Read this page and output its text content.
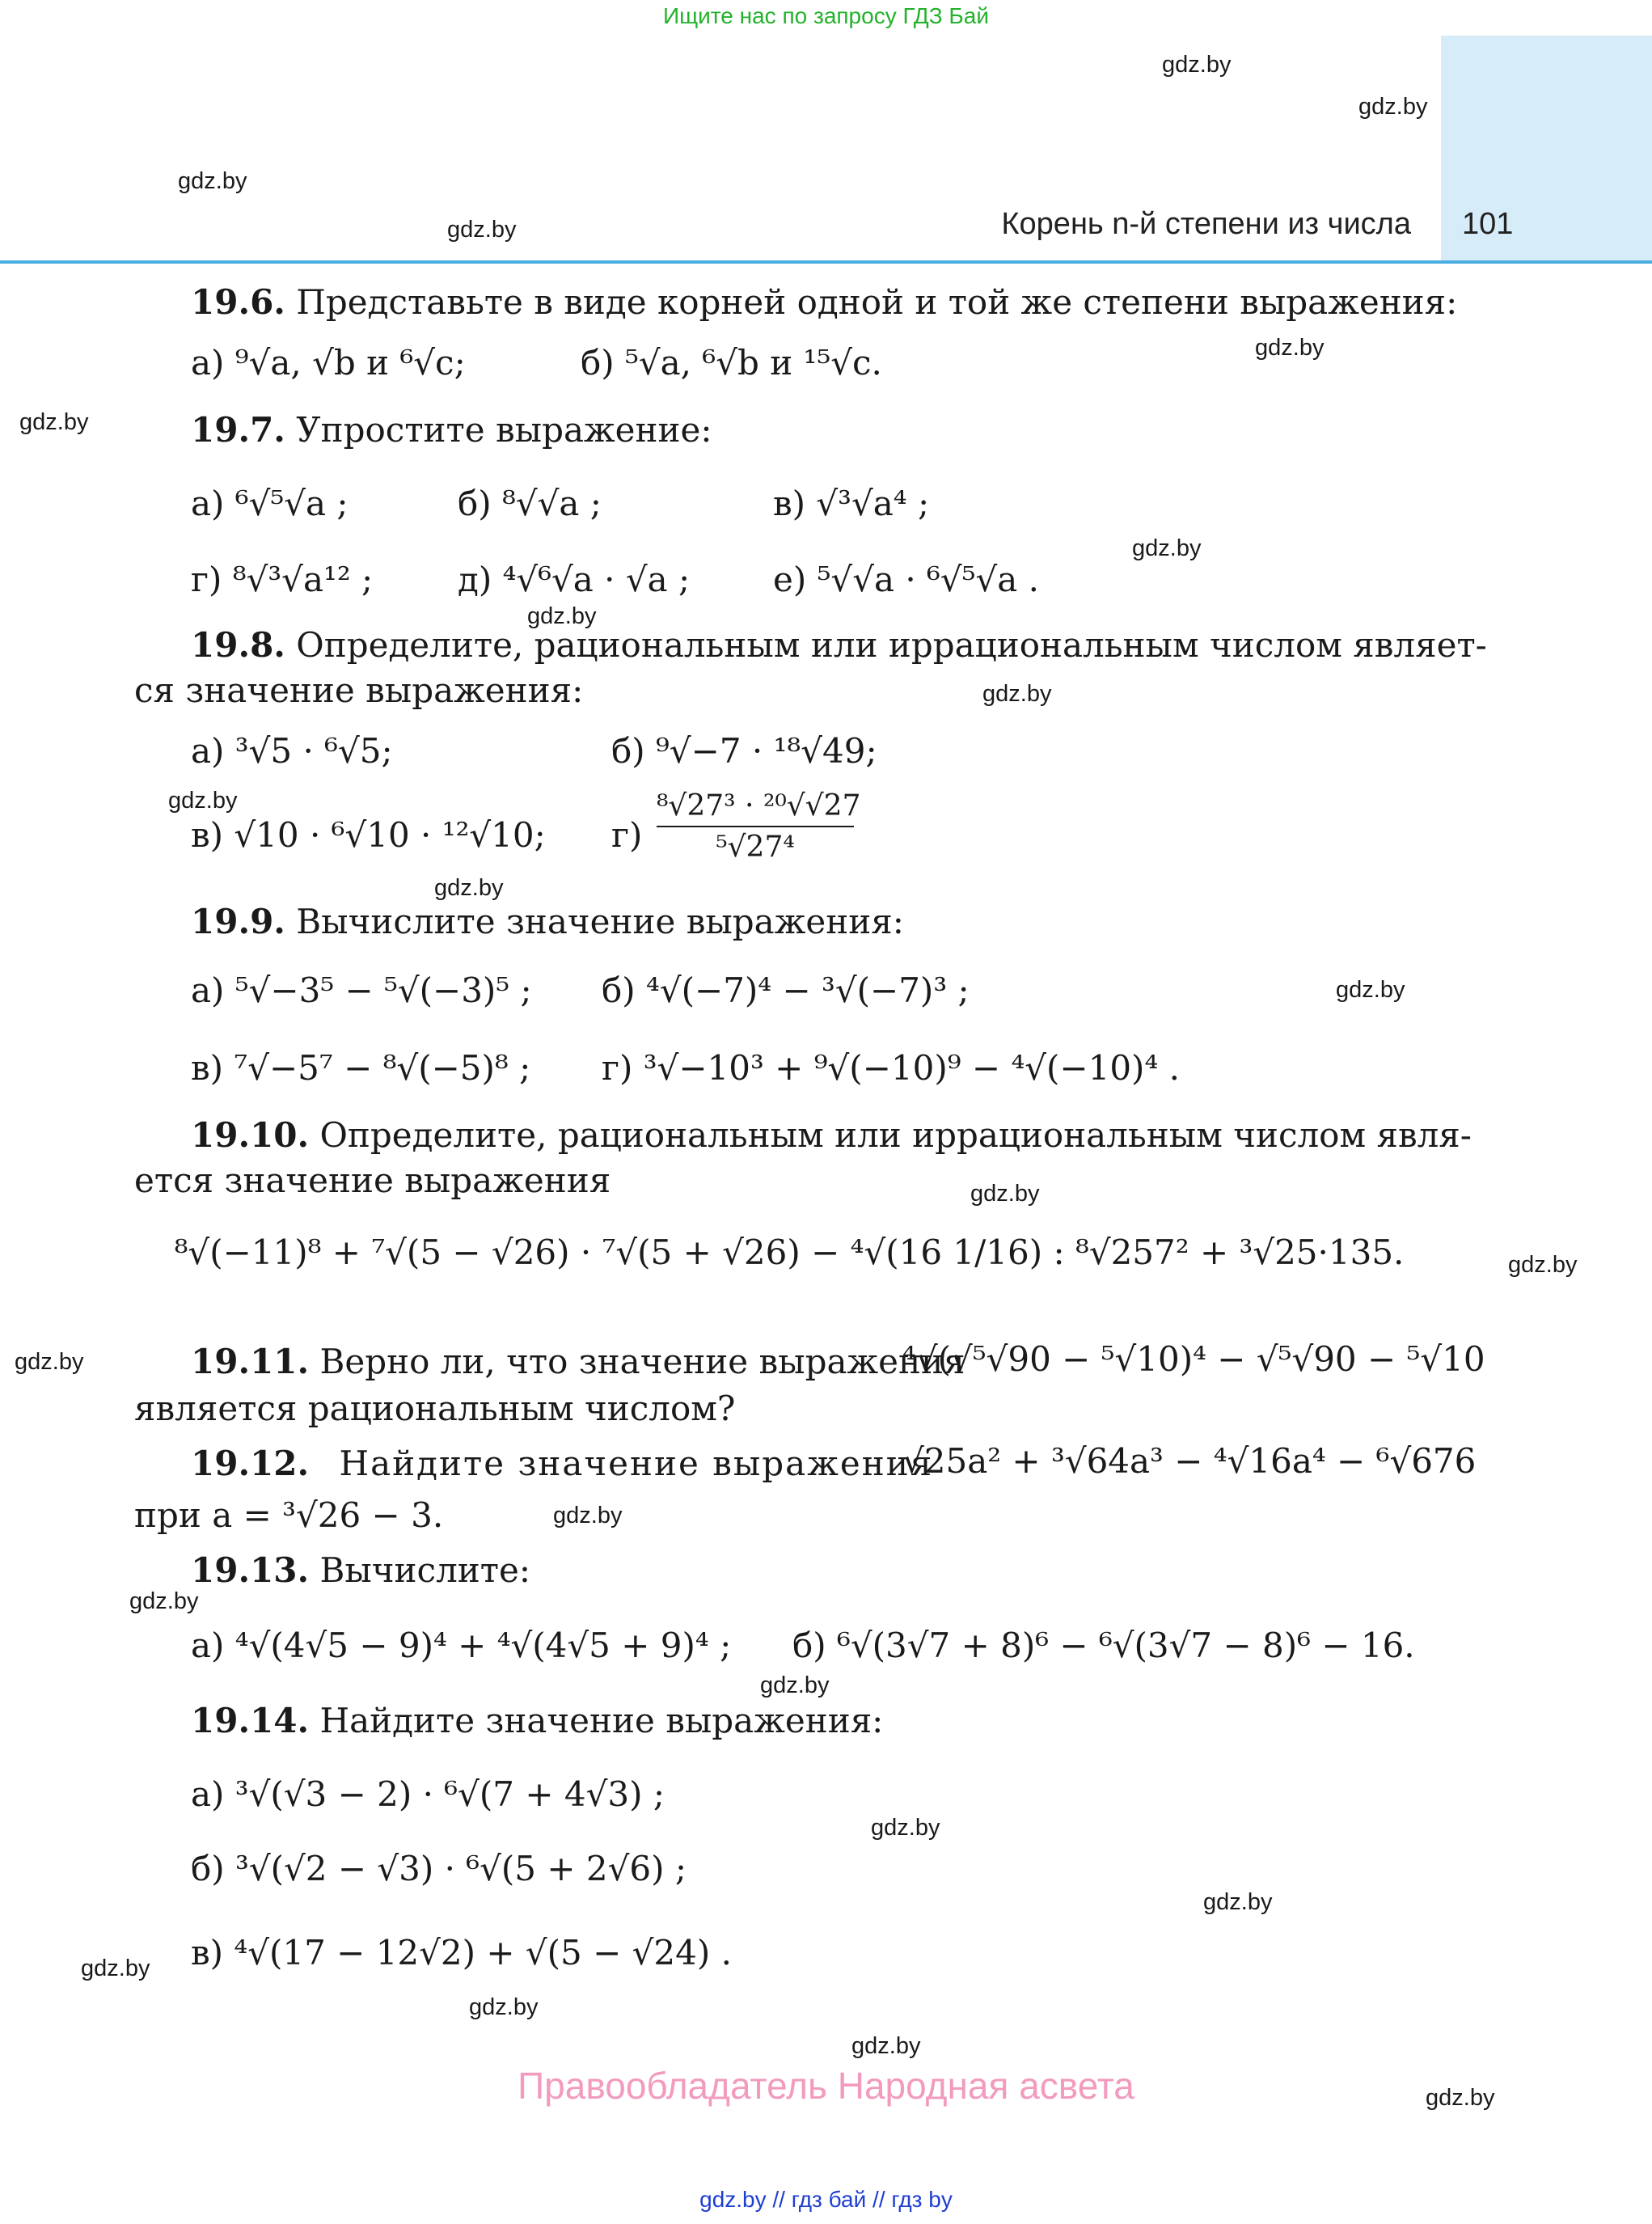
Ищите нас по запросу ГДЗ Бай
Корень n-й степени из числа 101
gdz.by
gdz.by
gdz.by
gdz.by
gdz.by
gdz.by
gdz.by
gdz.by
gdz.by
gdz.by
gdz.by
gdz.by
gdz.by
gdz.by
gdz.by
gdz.by
gdz.by
gdz.by
gdz.by
gdz.by
gdz.by
gdz.by
gdz.by
gdz.by
19.6. Представьте в виде корней одной и той же степени выражения:
а) ⁹√a, √b и ⁶√c;	б) ⁵√a, ⁶√b и ¹⁵√c.
19.7. Упростите выражение:
а) ⁶√⁵√a ;	б) ⁸√√a ;	в) √³√a⁴ ;
г) ⁸√³√a¹² ; д) ⁴√⁶√a · √a ; е) ⁵√√a · ⁶√⁵√a .
19.8. Определите, рациональным или иррациональным числом являет-
ся значение выражения:
а) ³√5 · ⁶√5;	б) ⁹√−7 · ¹⁸√49;
в) √10 · ⁶√10 · ¹²√10; $г) \frac{\text{⁸√27³ · ²⁰√√27}}{\text{⁵√27⁴}}$
19.9. Вычислите значение выражения:
а) ⁵√−3⁵ − ⁵√(−3)⁵ ; б) ⁴√(−7)⁴ − ³√(−7)³ ;
в) ⁷√−5⁷ − ⁸√(−5)⁸ ; г) ³√−10³ + ⁹√(−10)⁹ − ⁴√(−10)⁴ .
19.10. Определите, рациональным или иррациональным числом явля-
ется значение выражения
⁸√(−11)⁸ + ⁷√(5 − √26) · ⁷√(5 + √26) − ⁴√(16 1/16) : ⁸√257² + ³√25·135.
19.11. Верно ли, что значение выражения
⁴√(√⁵√90 − ⁵√10)⁴ − √⁵√90 − ⁵√10
является рациональным числом?
19.12. Найдите значение выражения
√25a² + ³√64a³ − ⁴√16a⁴ − ⁶√676
при a = ³√26 − 3.
19.13. Вычислите:
а) ⁴√(4√5 − 9)⁴ + ⁴√(4√5 + 9)⁴ ; б) ⁶√(3√7 + 8)⁶ − ⁶√(3√7 − 8)⁶ − 16.
19.14. Найдите значение выражения:
а) ³√(√3 − 2) · ⁶√(7 + 4√3) ;
б) ³√(√2 − √3) · ⁶√(5 + 2√6) ;
в) ⁴√(17 − 12√2) + √(5 − √24) .
Правообладатель Народная асвета
gdz.by // гдз бай // гдз by
